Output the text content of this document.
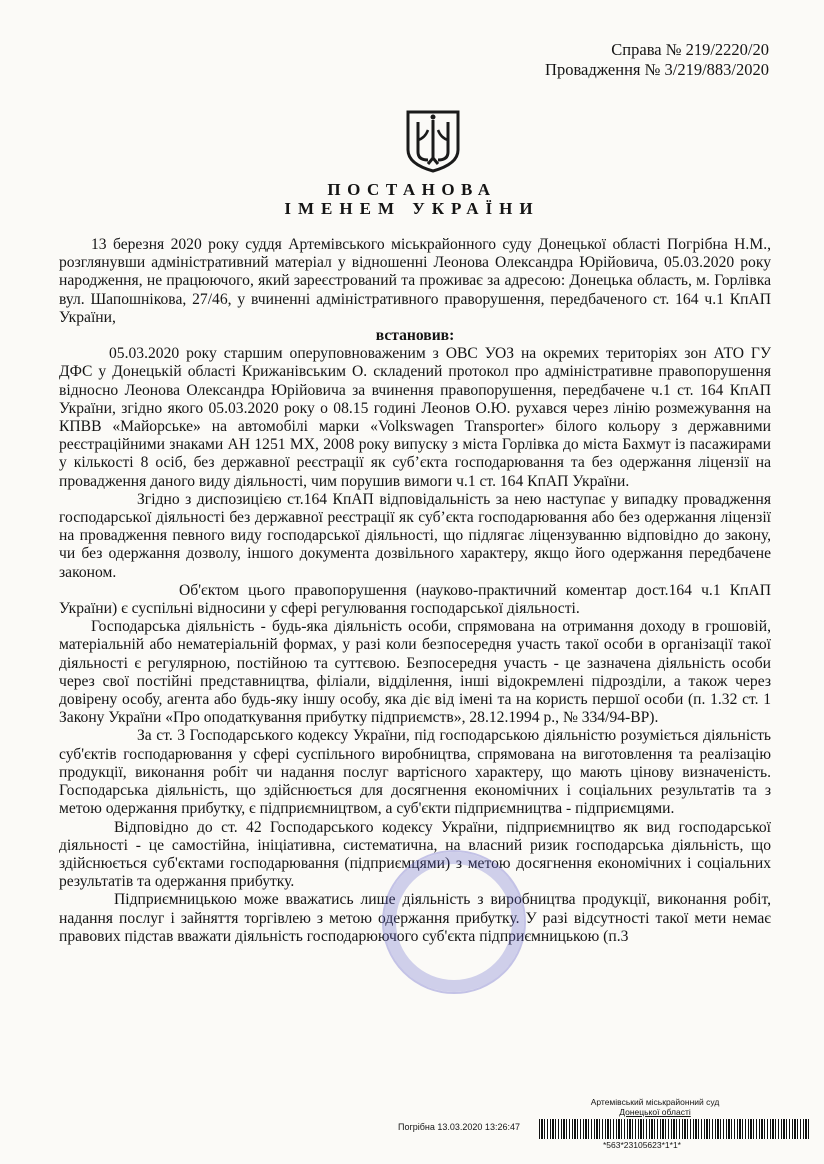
Справа № 219/2220/20
Провадження № 3/219/883/2020
ПОСТАНОВА
ІМЕНЕМ УКРАЇНИ

13 березня 2020 року суддя Артемівського міськрайонного суду Донецької області Погрібна Н.М., розглянувши адміністративний матеріал у відношенні Леонова Олександра Юрійовича, 05.03.2020 року народження, не працюючого, який зареєстрований та проживає за адресою: Донецька область, м. Горлівка вул. Шапошнікова, 27/46, у вчиненні адміністративного праворушення, передбаченого ст. 164 ч.1 КпАП України,

встановив:

05.03.2020 року старшим оперуповноваженим з ОВС УОЗ на окремих територіях зон АТО ГУ ДФС у Донецькій області Крижанівським О. складений протокол про адміністративне правопорушення відносно Леонова Олександра Юрійовича за вчинення правопорушення, передбачене ч.1 ст. 164 КпАП України, згідно якого 05.03.2020 року о 08.15 годині Леонов О.Ю. рухався через лінію розмежування на КПВВ «Майорське» на автомобілі марки «Volkswagen Transporter» білого кольору з державними реєстраційними знаками АН 1251 МХ, 2008 року випуску з міста Горлівка до міста Бахмут із пасажирами у кількості 8 осіб, без державної реєстрації як суб’єкта господарювання та без одержання ліцензії на провадження даного виду діяльності, чим порушив вимоги ч.1 ст. 164 КпАП України.

Згідно з диспозицією ст.164 КпАП відповідальність за нею наступає у випадку провадження господарської діяльності без державної реєстрації як суб’єкта господарювання або без одержання ліцензії на провадження певного виду господарської діяльності, що підлягає ліцензуванню відповідно до закону, чи без одержання дозволу, іншого документа дозвільного характеру, якщо його одержання передбачене законом.

Об'єктом цього правопорушення (науково-практичний коментар дост.164 ч.1 КпАП України) є суспільні відносини у сфері регулювання господарської діяльності.

Господарська діяльність - будь-яка діяльність особи, спрямована на отримання доходу в грошовій, матеріальній або нематеріальній формах, у разі коли безпосередня участь такої особи в організації такої діяльності є регулярною, постійною та суттєвою. Безпосередня участь - це зазначена діяльність особи через свої постійні представництва, філіали, відділення, інші відокремлені підрозділи, а також через довірену особу, агента або будь-яку іншу особу, яка діє від імені та на користь першої особи (п. 1.32 ст. 1 Закону України «Про оподаткування прибутку підприємств», 28.12.1994 р., № 334/94-ВР).

За ст. 3 Господарського кодексу України, під господарською діяльністю розуміється діяльність суб'єктів господарювання у сфері суспільного виробництва, спрямована на виготовлення та реалізацію продукції, виконання робіт чи надання послуг вартісного характеру, що мають цінову визначеність. Господарська діяльність, що здійснюється для досягнення економічних і соціальних результатів та з метою одержання прибутку, є підприємництвом, а суб'єкти підприємництва - підприємцями.

Відповідно до ст. 42 Господарського кодексу України, підприємництво як вид господарської діяльності - це самостійна, ініціативна, систематична, на власний ризик господарська діяльність, що здійснюється суб'єктами господарювання (підприємцями) з метою досягнення економічних і соціальних результатів та одержання прибутку.

Підприємницькою може вважатись лише діяльність з виробництва продукції, виконання робіт, надання послуг і зайняття торгівлею з метою одержання прибутку. У разі відсутності такої мети немає правових підстав вважати діяльність господарюючого суб'єкта підприємницькою (п.3

Артемівський міськрайонний суд
Донецької області
Погрібна 13.03.2020 13:26:47
*563*23105623*1*1*
